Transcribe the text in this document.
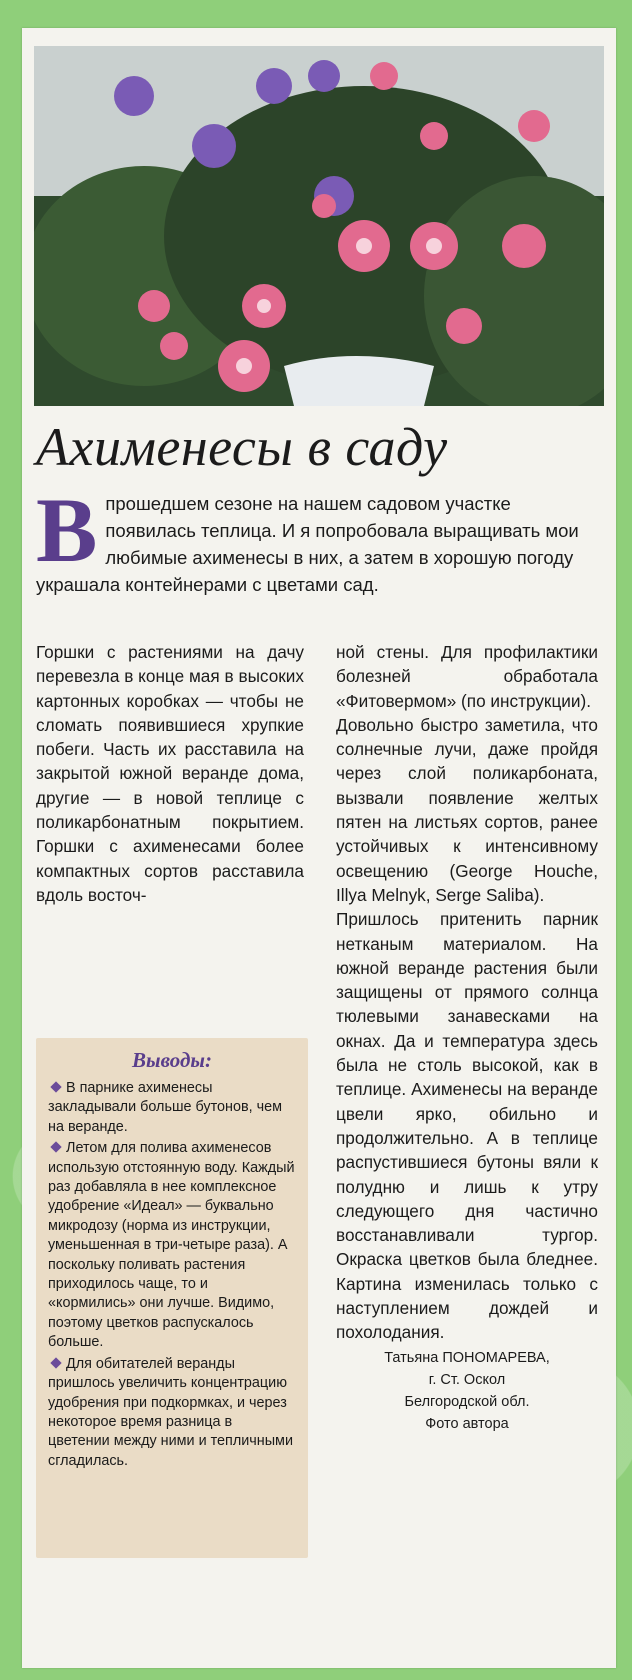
Ахименесы в саду
В прошедшем сезоне на нашем садовом участке появилась теплица. И я попробовала выращивать мои любимые ахименесы в них, а затем в хорошую погоду украшала контейнерами с цветами сад.

Горшки с растениями на дачу перевезла в конце мая в высоких картонных коробках — чтобы не сломать появившиеся хрупкие побеги. Часть их расставила на закрытой южной веранде дома, другие — в новой теплице с поликарбонатным покрытием. Горшки с ахименесами более компактных сортов расставила вдоль восточ-

ной стены. Для профилактики болезней обработала «Фитовермом» (по инструкции).

Довольно быстро заметила, что солнечные лучи, даже пройдя через слой поликарбоната, вызвали появление желтых пятен на листьях сортов, ранее устойчивых к интенсивному освещению (George Houche, Illya Melnyk, Serge Saliba).

Пришлось притенить парник нетканым материалом. На южной веранде растения были защищены от прямого солнца тюлевыми занавесками на окнах. Да и температура здесь была не столь высокой, как в теплице. Ахименесы на веранде цвели ярко, обильно и продолжительно. А в теплице распустившиеся бутоны вяли к полудню и лишь к утру следующего дня частично восстанавливали тургор. Окраска цветков была бледнее. Картина изменилась только с наступлением дождей и похолодания.

Татьяна ПОНОМАРЕВА,
г. Ст. Оскол
Белгородской обл.
Фото автора
Выводы:

В парнике ахименесы закладывали больше бутонов, чем на веранде.

Летом для полива ахименесов использую отстоянную воду. Каждый раз добавляла в нее комплексное удобрение «Идеал» — буквально микродозу (норма из инструкции, уменьшенная в три-четыре раза). А поскольку поливать растения приходилось чаще, то и «кормились» они лучше. Видимо, поэтому цветков распускалось больше.

Для обитателей веранды пришлось увеличить концентрацию удобрения при подкормках, и через некоторое время разница в цветении между ними и тепличными сгладилась.
